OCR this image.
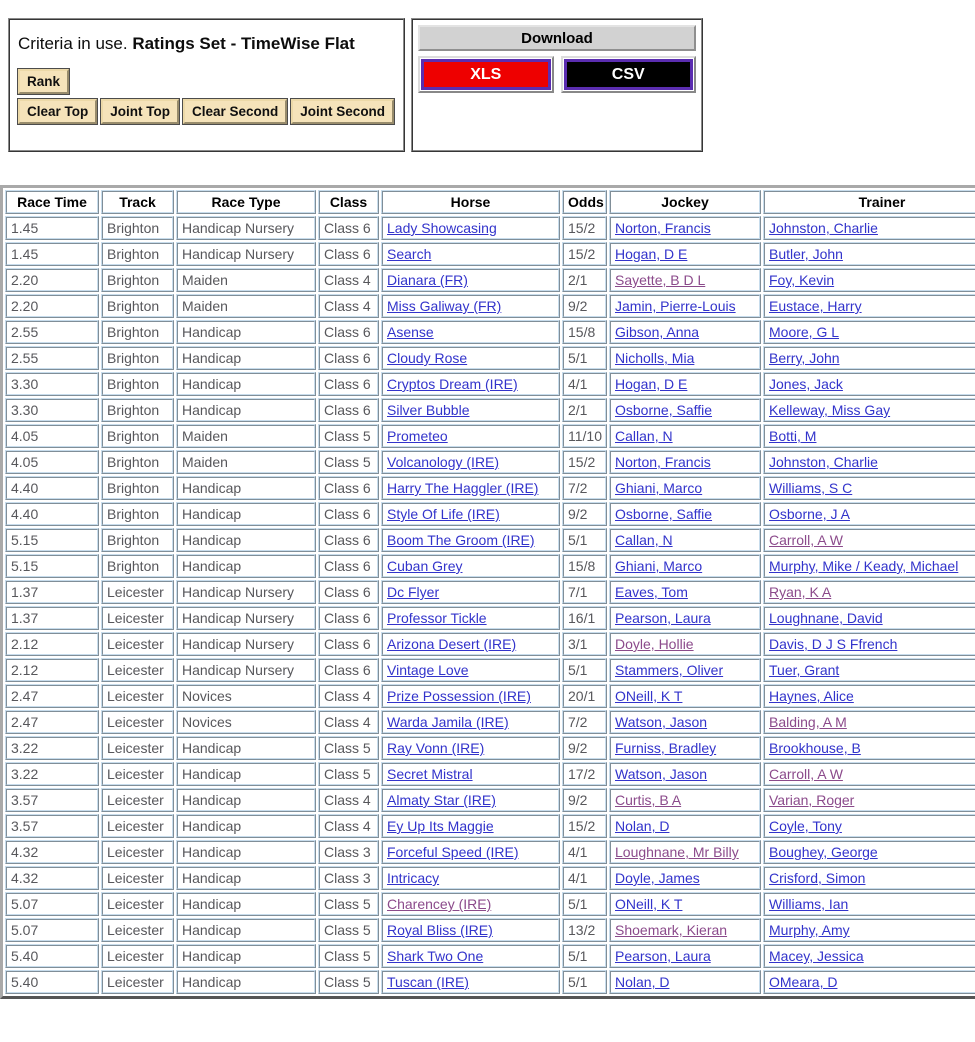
Criteria in use. Ratings Set - TimeWise Flat
Rank
Clear Top	Joint Top	Clear Second	Joint Second
Download
XLS	CSV
Race Time	Track	Race Type	Class	Horse	Odds	Jockey	Trainer
1.45	Brighton	Handicap Nursery	Class 6	Lady Showcasing	15/2	Norton, Francis	Johnston, Charlie
1.45	Brighton	Handicap Nursery	Class 6	Search	15/2	Hogan, D E	Butler, John
2.20	Brighton	Maiden	Class 4	Dianara (FR)	2/1	Sayette, B D L	Foy, Kevin
2.20	Brighton	Maiden	Class 4	Miss Galiway (FR)	9/2	Jamin, Pierre-Louis	Eustace, Harry
2.55	Brighton	Handicap	Class 6	Asense	15/8	Gibson, Anna	Moore, G L
2.55	Brighton	Handicap	Class 6	Cloudy Rose	5/1	Nicholls, Mia	Berry, John
3.30	Brighton	Handicap	Class 6	Cryptos Dream (IRE)	4/1	Hogan, D E	Jones, Jack
3.30	Brighton	Handicap	Class 6	Silver Bubble	2/1	Osborne, Saffie	Kelleway, Miss Gay
4.05	Brighton	Maiden	Class 5	Prometeo	11/10	Callan, N	Botti, M
4.05	Brighton	Maiden	Class 5	Volcanology (IRE)	15/2	Norton, Francis	Johnston, Charlie
4.40	Brighton	Handicap	Class 6	Harry The Haggler (IRE)	7/2	Ghiani, Marco	Williams, S C
4.40	Brighton	Handicap	Class 6	Style Of Life (IRE)	9/2	Osborne, Saffie	Osborne, J A
5.15	Brighton	Handicap	Class 6	Boom The Groom (IRE)	5/1	Callan, N	Carroll, A W
5.15	Brighton	Handicap	Class 6	Cuban Grey	15/8	Ghiani, Marco	Murphy, Mike / Keady, Michael
1.37	Leicester	Handicap Nursery	Class 6	Dc Flyer	7/1	Eaves, Tom	Ryan, K A
1.37	Leicester	Handicap Nursery	Class 6	Professor Tickle	16/1	Pearson, Laura	Loughnane, David
2.12	Leicester	Handicap Nursery	Class 6	Arizona Desert (IRE)	3/1	Doyle, Hollie	Davis, D J S Ffrench
2.12	Leicester	Handicap Nursery	Class 6	Vintage Love	5/1	Stammers, Oliver	Tuer, Grant
2.47	Leicester	Novices	Class 4	Prize Possession (IRE)	20/1	ONeill, K T	Haynes, Alice
2.47	Leicester	Novices	Class 4	Warda Jamila (IRE)	7/2	Watson, Jason	Balding, A M
3.22	Leicester	Handicap	Class 5	Ray Vonn (IRE)	9/2	Furniss, Bradley	Brookhouse, B
3.22	Leicester	Handicap	Class 5	Secret Mistral	17/2	Watson, Jason	Carroll, A W
3.57	Leicester	Handicap	Class 4	Almaty Star (IRE)	9/2	Curtis, B A	Varian, Roger
3.57	Leicester	Handicap	Class 4	Ey Up Its Maggie	15/2	Nolan, D	Coyle, Tony
4.32	Leicester	Handicap	Class 3	Forceful Speed (IRE)	4/1	Loughnane, Mr Billy	Boughey, George
4.32	Leicester	Handicap	Class 3	Intricacy	4/1	Doyle, James	Crisford, Simon
5.07	Leicester	Handicap	Class 5	Charencey (IRE)	5/1	ONeill, K T	Williams, Ian
5.07	Leicester	Handicap	Class 5	Royal Bliss (IRE)	13/2	Shoemark, Kieran	Murphy, Amy
5.40	Leicester	Handicap	Class 5	Shark Two One	5/1	Pearson, Laura	Macey, Jessica
5.40	Leicester	Handicap	Class 5	Tuscan (IRE)	5/1	Nolan, D	OMeara, D
